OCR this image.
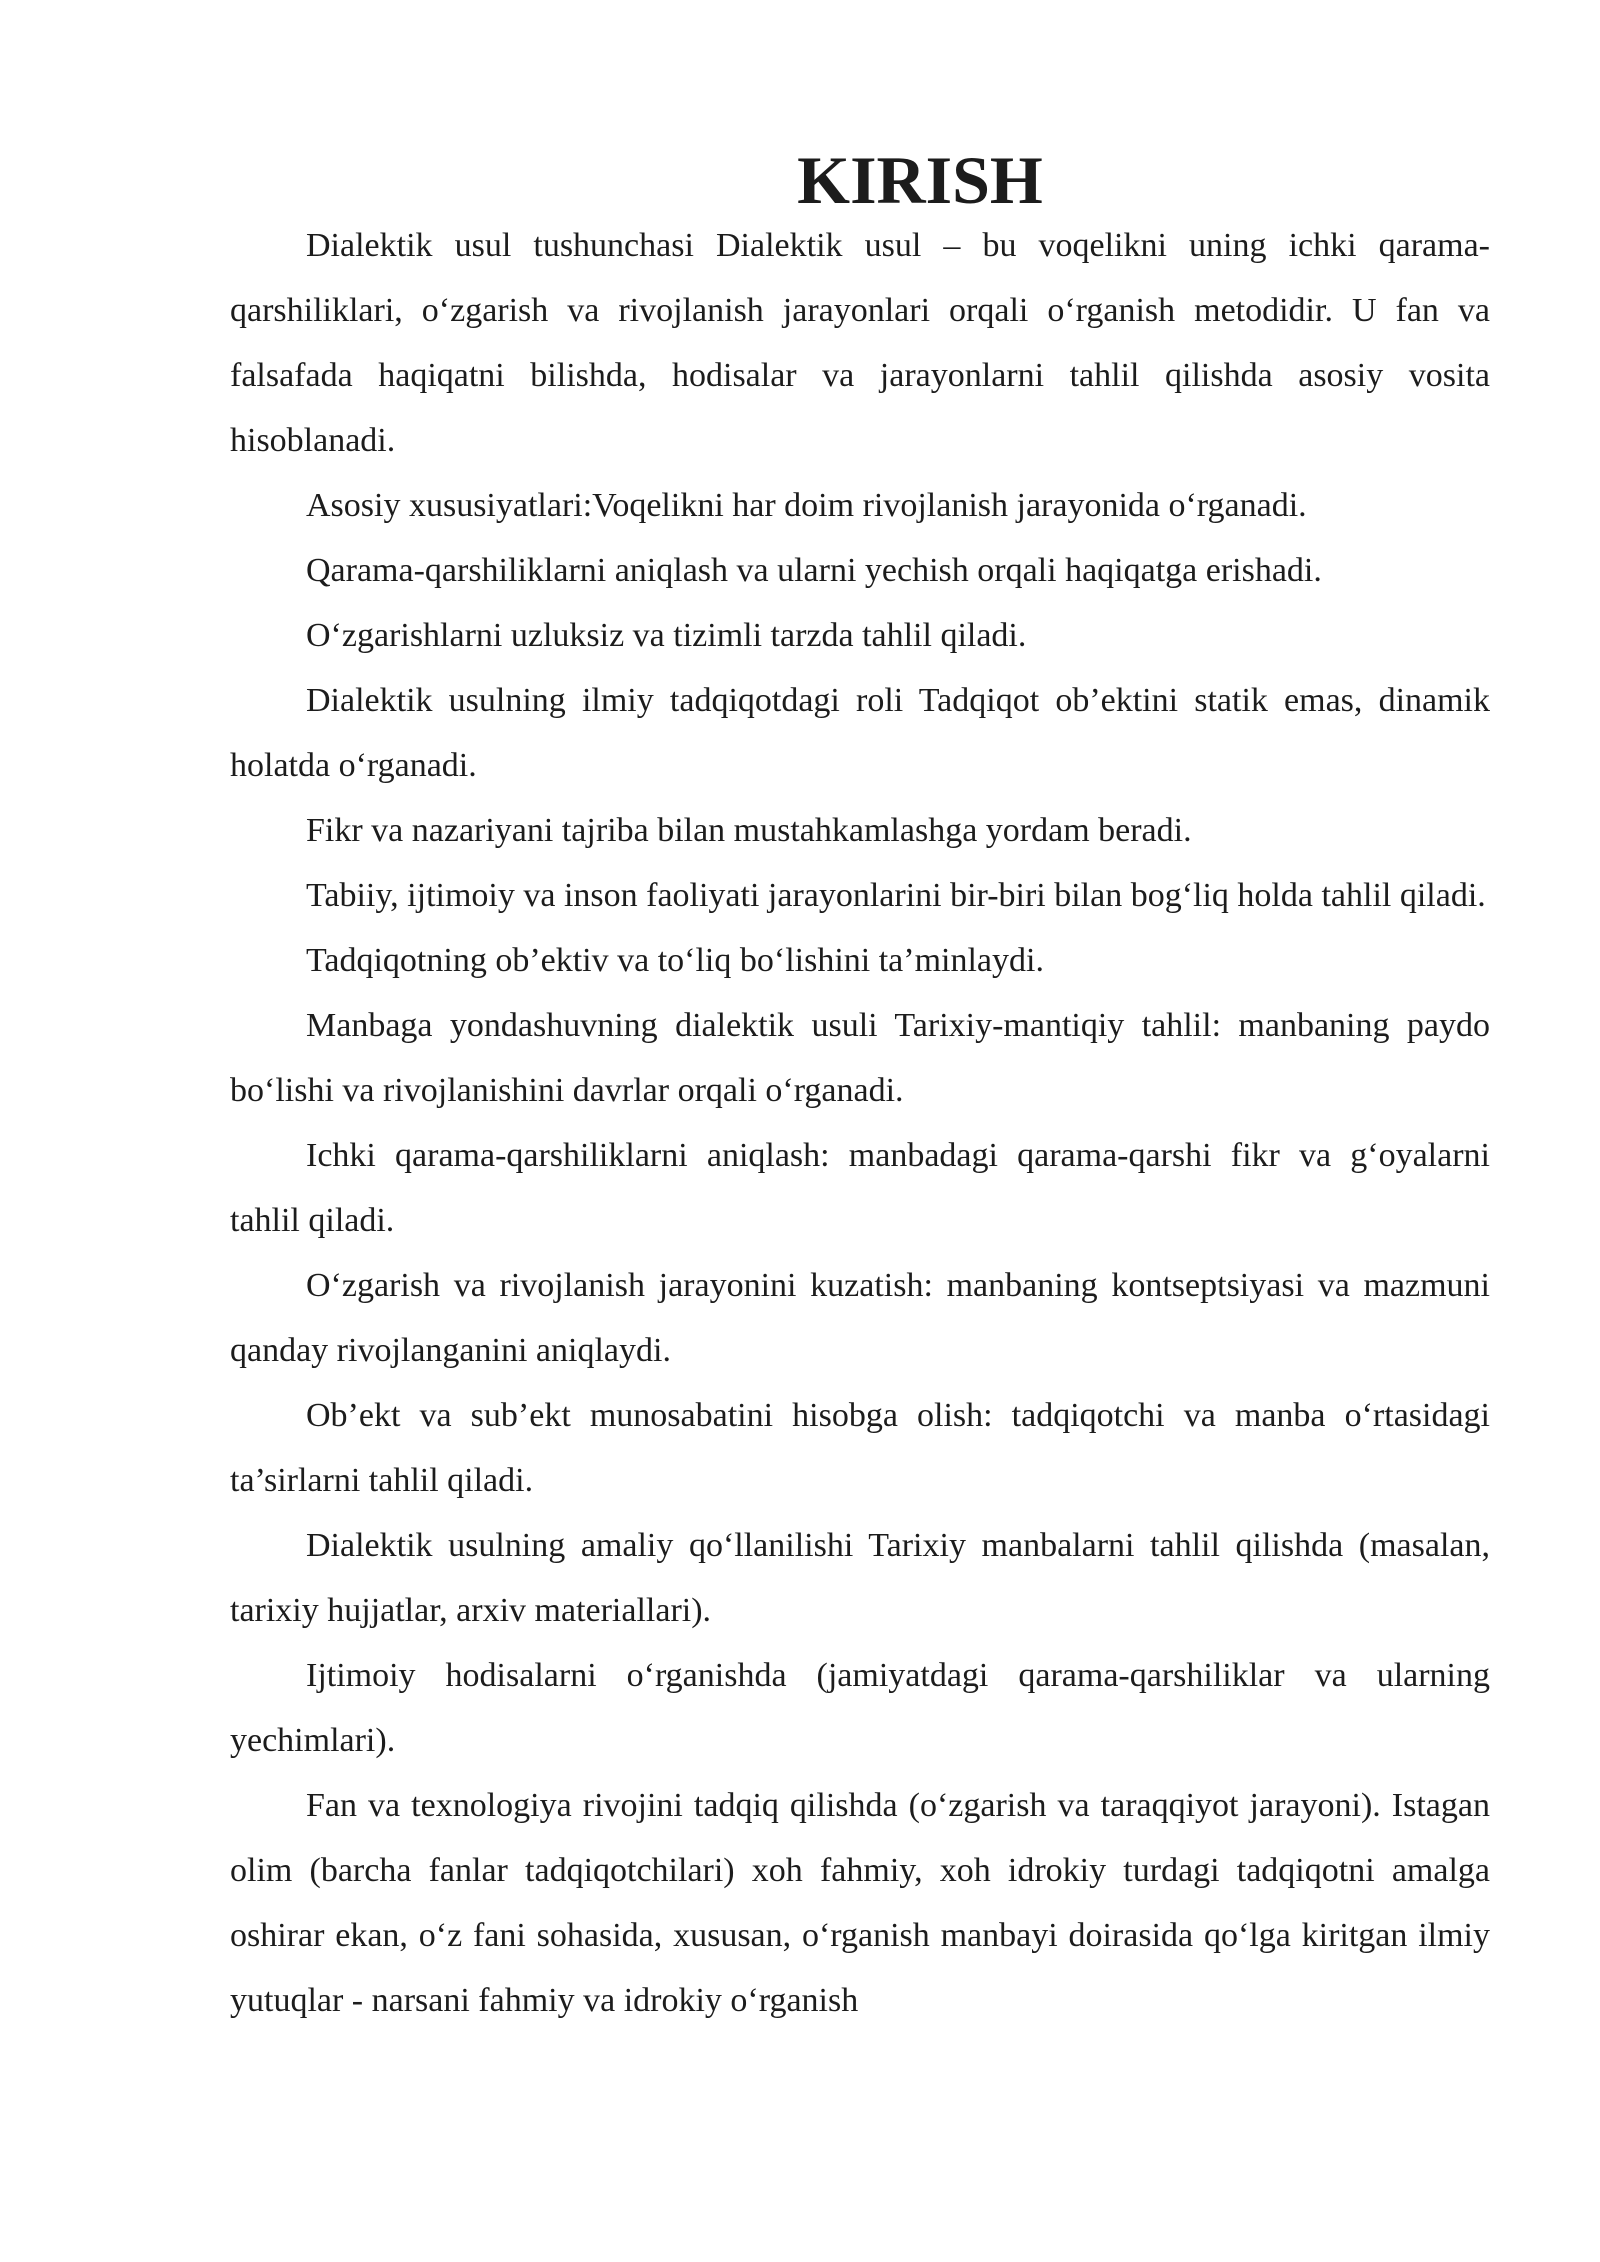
KIRISH

Dialektik usul tushunchasi Dialektik usul – bu voqelikni uning ichki qarama-qarshiliklari, o‘zgarish va rivojlanish jarayonlari orqali o‘rganish metodidir. U fan va falsafada haqiqatni bilishda, hodisalar va jarayonlarni tahlil qilishda asosiy vosita hisoblanadi.

Asosiy xususiyatlari:Voqelikni har doim rivojlanish jarayonida o‘rganadi.

Qarama-qarshiliklarni aniqlash va ularni yechish orqali haqiqatga erishadi.

O‘zgarishlarni uzluksiz va tizimli tarzda tahlil qiladi.

Dialektik usulning ilmiy tadqiqotdagi roli Tadqiqot ob’ektini statik emas, dinamik holatda o‘rganadi.

Fikr va nazariyani tajriba bilan mustahkamlashga yordam beradi.

Tabiiy, ijtimoiy va inson faoliyati jarayonlarini bir-biri bilan bog‘liq holda tahlil qiladi.

Tadqiqotning ob’ektiv va to‘liq bo‘lishini ta’minlaydi.

Manbaga yondashuvning dialektik usuli Tarixiy-mantiqiy tahlil: manbaning paydo bo‘lishi va rivojlanishini davrlar orqali o‘rganadi.

Ichki qarama-qarshiliklarni aniqlash: manbadagi qarama-qarshi fikr va g‘oyalarni tahlil qiladi.

O‘zgarish va rivojlanish jarayonini kuzatish: manbaning kontseptsiyasi va mazmuni qanday rivojlanganini aniqlaydi.

Ob’ekt va sub’ekt munosabatini hisobga olish: tadqiqotchi va manba o‘rtasidagi ta’sirlarni tahlil qiladi.

Dialektik usulning amaliy qo‘llanilishi Tarixiy manbalarni tahlil qilishda (masalan, tarixiy hujjatlar, arxiv materiallari).

Ijtimoiy hodisalarni o‘rganishda (jamiyatdagi qarama-qarshiliklar va ularning yechimlari).

Fan va texnologiya rivojini tadqiq qilishda (o‘zgarish va taraqqiyot jarayoni). Istagan olim (barcha fanlar tadqiqotchilari) xoh fahmiy, xoh idrokiy turdagi tadqiqotni amalga oshirar ekan, o‘z fani sohasida, xususan, o‘rganish manbayi doirasida qo‘lga kiritgan ilmiy yutuqlar - narsani fahmiy va idrokiy o‘rganish
